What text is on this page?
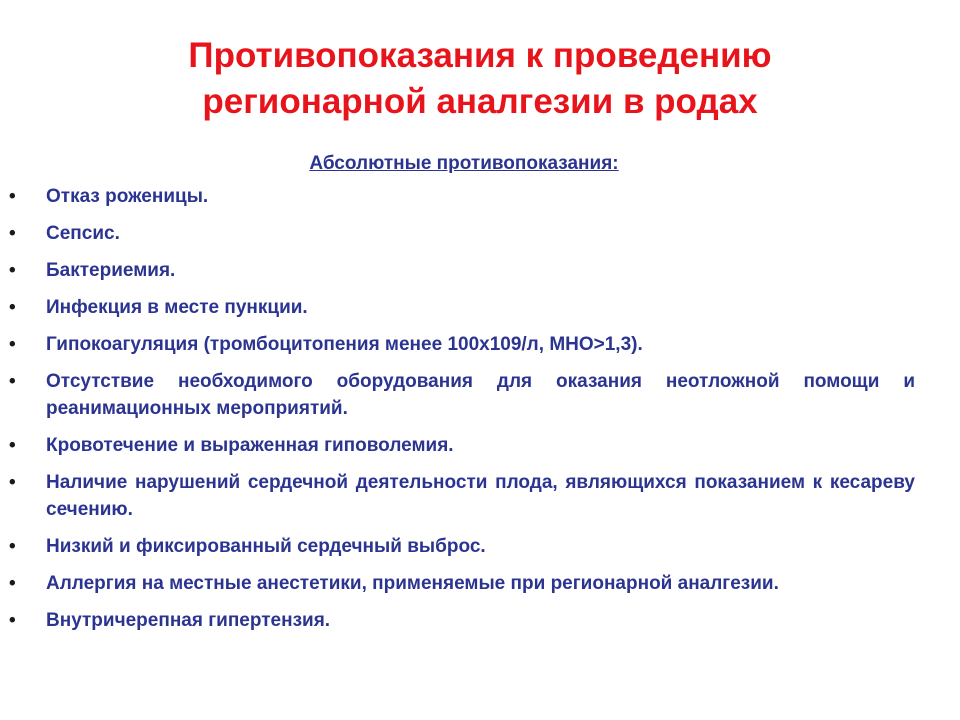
Противопоказания к проведению
регионарной аналгезии в родах
Абсолютные противопоказания:
• Отказ роженицы.
• Сепсис.
• Бактериемия.
• Инфекция в месте пункции.
• Гипокоагуляция (тромбоцитопения менее 100х109/л, МНО>1,3).
• Отсутствие необходимого оборудования для оказания неотложной помощи и реанимационных мероприятий.
• Кровотечение и выраженная гиповолемия.
• Наличие нарушений сердечной деятельности плода, являющихся показанием к кесареву сечению.
• Низкий и фиксированный сердечный выброс.
• Аллергия на местные анестетики, применяемые при регионарной аналгезии.
• Внутричерепная гипертензия.
